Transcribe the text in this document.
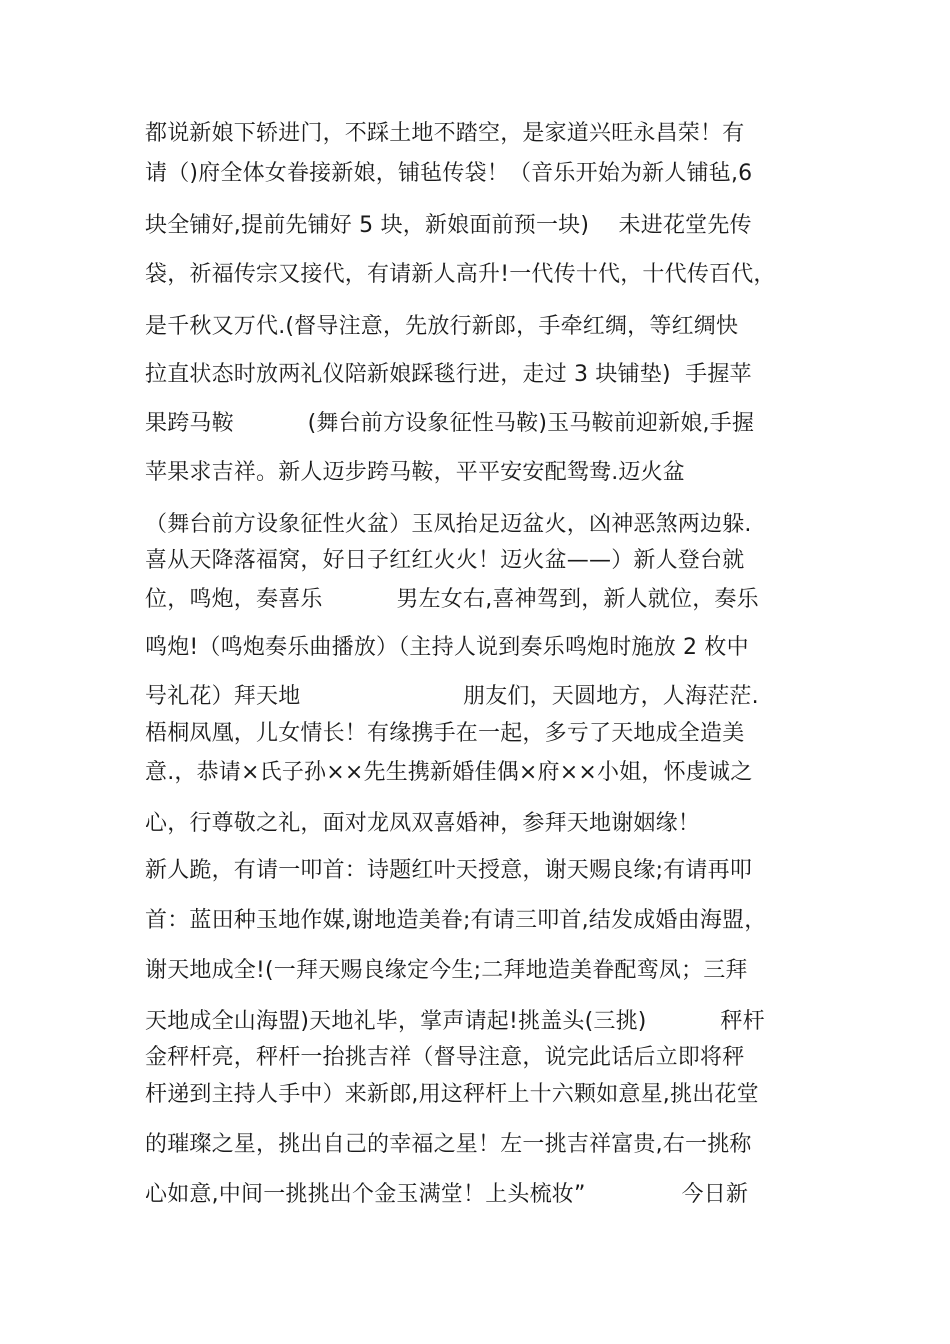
都说新娘下轿进门，不踩土地不踏空，是家道兴旺永昌荣！有
请（)府全体女眷接新娘，铺毡传袋！（音乐开始为新人铺毡,6
块全铺好,提前先铺好 5 块，新娘面前预一块)　 未进花堂先传
袋，祈福传宗又接代，有请新人高升!一代传十代，十代传百代，
是千秋又万代.(督导注意，先放行新郎，手牵红绸，等红绸快
拉直状态时放两礼仪陪新娘踩毯行进，走过 3 块铺垫)  手握苹
果跨马鞍　　　 (舞台前方设象征性马鞍)玉马鞍前迎新娘,手握
苹果求吉祥。新人迈步跨马鞍，平平安安配鸳鸯.迈火盆
（舞台前方设象征性火盆）玉凤抬足迈盆火，凶神恶煞两边躲.
喜从天降落福窝，好日子红红火火！迈火盆——）新人登台就
位，鸣炮，奏喜乐　　　 男左女右,喜神驾到，新人就位，奏乐
鸣炮!（鸣炮奏乐曲播放）（主持人说到奏乐鸣炮时施放 2 枚中
号礼花）拜天地　　　　　　　 朋友们，天圆地方，人海茫茫.
梧桐凤凰，儿女情长！有缘携手在一起，多亏了天地成全造美
意.，恭请×氏子孙××先生携新婚佳偶×府××小姐，怀虔诚之
心，行尊敬之礼，面对龙凤双喜婚神，参拜天地谢姻缘！
新人跪，有请一叩首：诗题红叶天授意，谢天赐良缘;有请再叩
首：蓝田种玉地作媒,谢地造美眷;有请三叩首,结发成婚由海盟，
谢天地成全!(一拜天赐良缘定今生;二拜地造美眷配鸾凤；三拜
天地成全山海盟)天地礼毕，掌声请起!挑盖头(三挑)　　　 秤杆
金秤杆亮，秤杆一抬挑吉祥（督导注意，说完此话后立即将秤
杆递到主持人手中）来新郎,用这秤杆上十六颗如意星,挑出花堂
的璀璨之星，挑出自己的幸福之星！左一挑吉祥富贵,右一挑称
心如意,中间一挑挑出个金玉满堂！上头梳妆”　　　　 今日新
